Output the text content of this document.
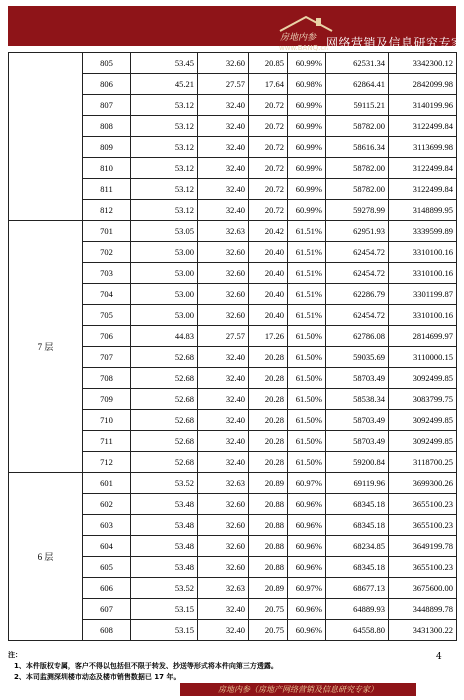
房地内参
www.BANQ.cn
网络营销及信息研究专家
	805	53.45	32.60	20.85	60.99%	62531.34	3342300.12
	806	45.21	27.57	17.64	60.98%	62864.41	2842099.98
	807	53.12	32.40	20.72	60.99%	59115.21	3140199.96
	808	53.12	32.40	20.72	60.99%	58782.00	3122499.84
	809	53.12	32.40	20.72	60.99%	58616.34	3113699.98
	810	53.12	32.40	20.72	60.99%	58782.00	3122499.84
	811	53.12	32.40	20.72	60.99%	58782.00	3122499.84
	812	53.12	32.40	20.72	60.99%	59278.99	3148899.95
7 层	701	53.05	32.63	20.42	61.51%	62951.93	3339599.89
	702	53.00	32.60	20.40	61.51%	62454.72	3310100.16
	703	53.00	32.60	20.40	61.51%	62454.72	3310100.16
	704	53.00	32.60	20.40	61.51%	62286.79	3301199.87
	705	53.00	32.60	20.40	61.51%	62454.72	3310100.16
	706	44.83	27.57	17.26	61.50%	62786.08	2814699.97
	707	52.68	32.40	20.28	61.50%	59035.69	3110000.15
	708	52.68	32.40	20.28	61.50%	58703.49	3092499.85
	709	52.68	32.40	20.28	61.50%	58538.34	3083799.75
	710	52.68	32.40	20.28	61.50%	58703.49	3092499.85
	711	52.68	32.40	20.28	61.50%	58703.49	3092499.85
	712	52.68	32.40	20.28	61.50%	59200.84	3118700.25
6 层	601	53.52	32.63	20.89	60.97%	69119.96	3699300.26
	602	53.48	32.60	20.88	60.96%	68345.18	3655100.23
	603	53.48	32.60	20.88	60.96%	68345.18	3655100.23
	604	53.48	32.60	20.88	60.96%	68234.85	3649199.78
	605	53.48	32.60	20.88	60.96%	68345.18	3655100.23
	606	53.52	32.63	20.89	60.97%	68677.13	3675600.00
	607	53.15	32.40	20.75	60.96%	64889.93	3448899.78
	608	53.15	32.40	20.75	60.96%	64558.80	3431300.22
注：
1、本件版权专属，客户不得以包括但不限于转发、抄送等形式将本件向第三方透露。
2、本司监测深圳楼市动态及楼市销售数据已 17 年。
4
房地内参（房地产网络营销及信息研究专家）
